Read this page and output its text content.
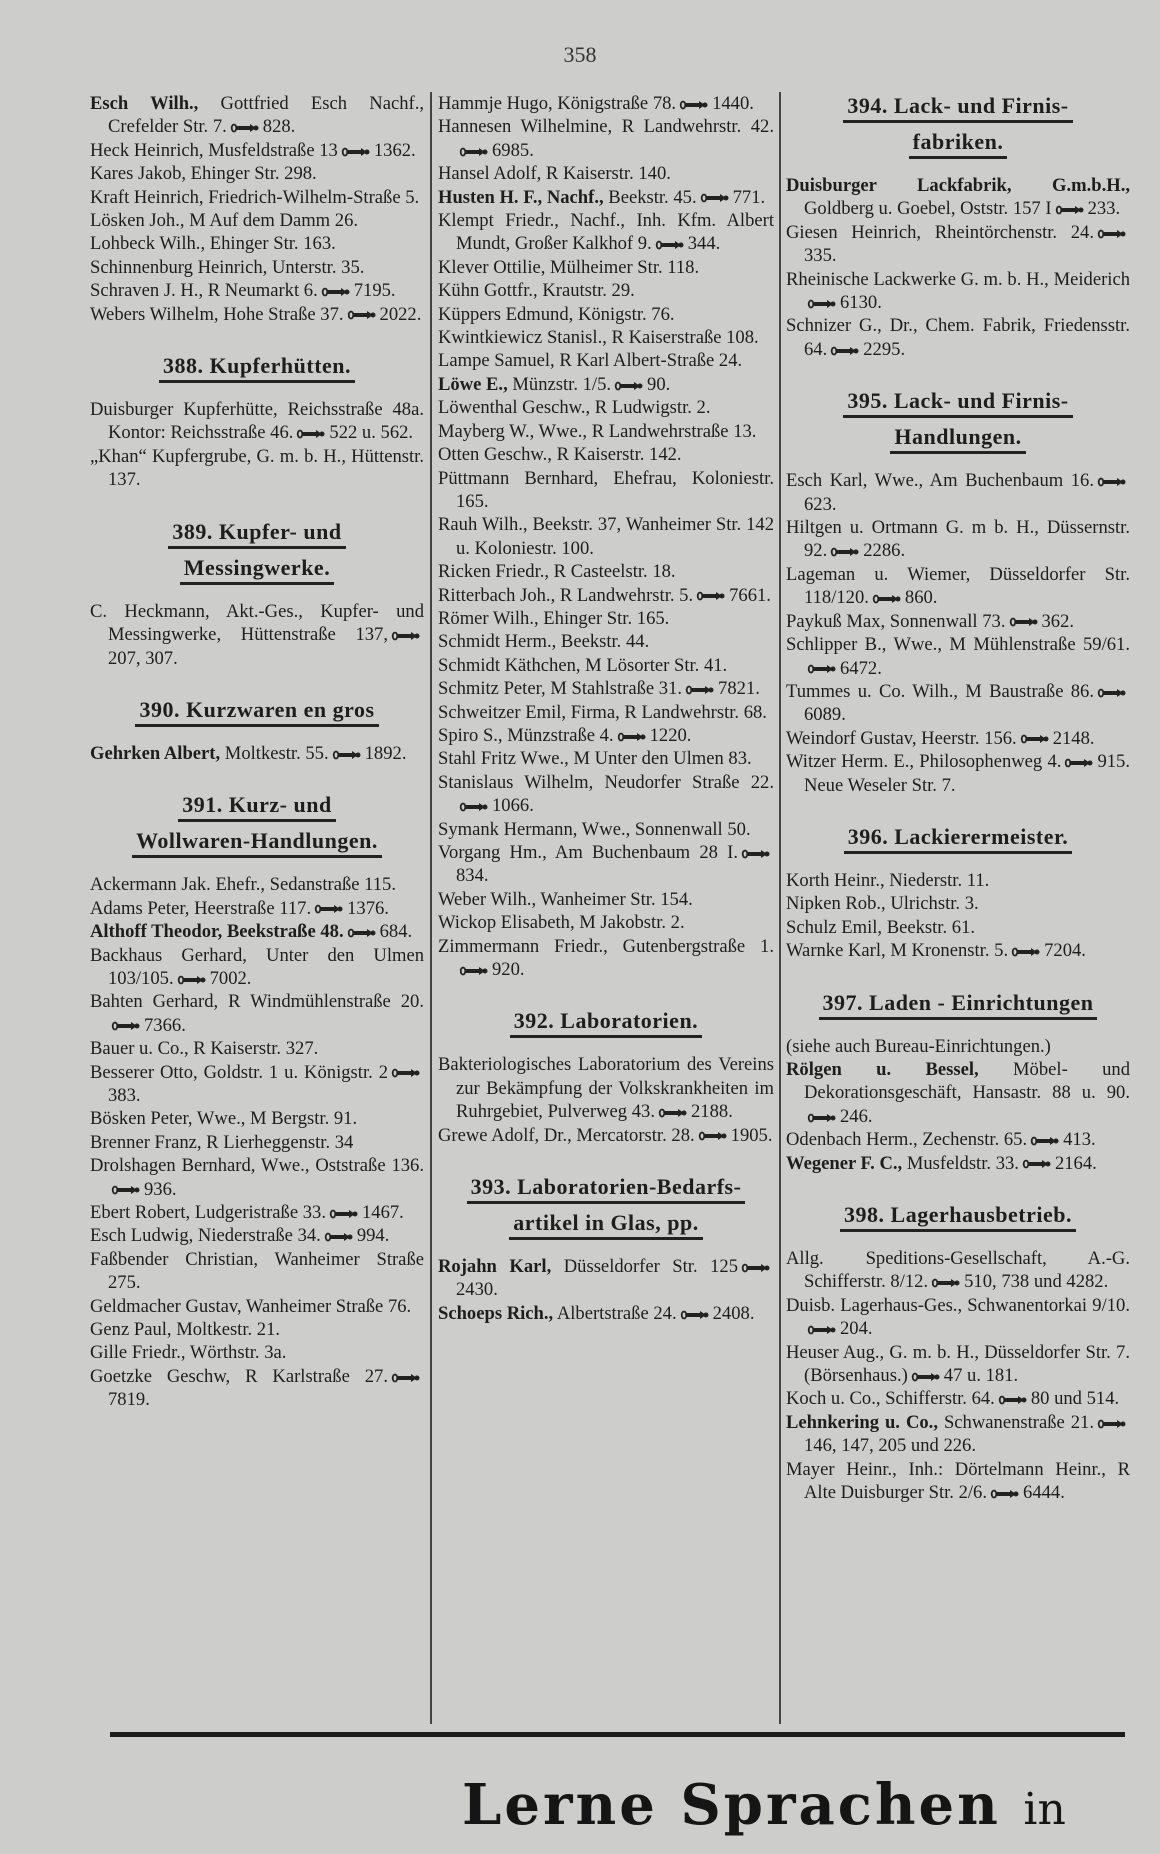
358
Esch Wilh., Gottfried Esch Nachf., Crefelder Str. 7. 828.
Heck Heinrich, Musfeldstraße 13 1362.
Kares Jakob, Ehinger Str. 298.
Kraft Heinrich, Friedrich-Wilhelm-Straße 5.
Lösken Joh., M Auf dem Damm 26.
Lohbeck Wilh., Ehinger Str. 163.
Schinnenburg Heinrich, Unterstr. 35.
Schraven J. H., R Neumarkt 6. 7195.
Webers Wilhelm, Hohe Straße 37. 2022.
388. Kupferhütten.
Duisburger Kupferhütte, Reichsstraße 48a. Kontor: Reichsstraße 46. 522 u. 562.
„Khan“ Kupfergrube, G. m. b. H., Hüttenstr. 137.
389. Kupfer- und
Messingwerke.
C. Heckmann, Akt.-Ges., Kupfer- und Messingwerke, Hüttenstraße 137,
207, 307.
390. Kurzwaren en gros
Gehrken Albert, Moltkestr. 55. 1892.
391. Kurz- und
Wollwaren-Handlungen.
Ackermann Jak. Ehefr., Sedanstraße 115.
Adams Peter, Heerstraße 117. 1376.
Althoff Theodor, Beekstraße 48. 684.
Backhaus Gerhard, Unter den Ulmen 103/105. 7002.
Bahten Gerhard, R Windmühlenstraße 20.
7366.
Bauer u. Co., R Kaiserstr. 327.
Besserer Otto, Goldstr. 1 u. Königstr. 2
383.
Bösken Peter, Wwe., M Bergstr. 91.
Brenner Franz, R Lierheggenstr. 34
Drolshagen Bernhard, Wwe., Oststraße 136.
936.
Ebert Robert, Ludgeristraße 33. 1467.
Esch Ludwig, Niederstraße 34. 994.
Faßbender Christian, Wanheimer Straße 275.
Geldmacher Gustav, Wanheimer Straße 76.
Genz Paul, Moltkestr. 21.
Gille Friedr., Wörthstr. 3a.
Goetzke Geschw, R Karlstraße 27.
7819.
Hammje Hugo, Königstraße 78. 1440.
Hannesen Wilhelmine, R Landwehrstr. 42.
6985.
Hansel Adolf, R Kaiserstr. 140.
Husten H. F., Nachf., Beekstr. 45. 771.
Klempt Friedr., Nachf., Inh. Kfm. Albert Mundt, Großer Kalkhof 9. 344.
Klever Ottilie, Mülheimer Str. 118.
Kühn Gottfr., Krautstr. 29.
Küppers Edmund, Königstr. 76.
Kwintkiewicz Stanisl., R Kaiserstraße 108.
Lampe Samuel, R Karl Albert-Straße 24.
Löwe E., Münzstr. 1/5. 90.
Löwenthal Geschw., R Ludwigstr. 2.
Mayberg W., Wwe., R Landwehrstraße 13.
Otten Geschw., R Kaiserstr. 142.
Püttmann Bernhard, Ehefrau, Koloniestr. 165.
Rauh Wilh., Beekstr. 37, Wanheimer Str. 142 u. Koloniestr. 100.
Ricken Friedr., R Casteelstr. 18.
Ritterbach Joh., R Landwehrstr. 5. 7661.
Römer Wilh., Ehinger Str. 165.
Schmidt Herm., Beekstr. 44.
Schmidt Käthchen, M Lösorter Str. 41.
Schmitz Peter, M Stahlstraße 31. 7821.
Schweitzer Emil, Firma, R Landwehrstr. 68.
Spiro S., Münzstraße 4. 1220.
Stahl Fritz Wwe., M Unter den Ulmen 83.
Stanislaus Wilhelm, Neudorfer Straße 22.
1066.
Symank Hermann, Wwe., Sonnenwall 50.
Vorgang Hm., Am Buchenbaum 28 I.
834.
Weber Wilh., Wanheimer Str. 154.
Wickop Elisabeth, M Jakobstr. 2.
Zimmermann Friedr., Gutenbergstraße 1.
920.
392. Laboratorien.
Bakteriologisches Laboratorium des Vereins zur Bekämpfung der Volkskrankheiten im Ruhrgebiet, Pulverweg 43. 2188.
Grewe Adolf, Dr., Mercatorstr. 28. 1905.
393. Laboratorien-Bedarfs-
artikel in Glas, pp.
Rojahn Karl, Düsseldorfer Str. 125
2430.
Schoeps Rich., Albertstraße 24. 2408.
394. Lack- und Firnis-
fabriken.
Duisburger Lackfabrik, G.m.b.H., Goldberg u. Goebel, Oststr. 157 I 233.
Giesen Heinrich, Rheintörchenstr. 24.
335.
Rheinische Lackwerke G. m. b. H., Meiderich
6130.
Schnizer G., Dr., Chem. Fabrik, Friedensstr. 64. 2295.
395. Lack- und Firnis-
Handlungen.
Esch Karl, Wwe., Am Buchenbaum 16.
623.
Hiltgen u. Ortmann G. m b. H., Düssernstr. 92. 2286.
Lageman u. Wiemer, Düsseldorfer Str. 118/120. 860.
Paykuß Max, Sonnenwall 73. 362.
Schlipper B., Wwe., M Mühlenstraße 59/61.
6472.
Tummes u. Co. Wilh., M Baustraße 86.
6089.
Weindorf Gustav, Heerstr. 156. 2148.
Witzer Herm. E., Philosophenweg 4. 915. Neue Weseler Str. 7.
396. Lackierermeister.
Korth Heinr., Niederstr. 11.
Nipken Rob., Ulrichstr. 3.
Schulz Emil, Beekstr. 61.
Warnke Karl, M Kronenstr. 5. 7204.
397. Laden - Einrichtungen
(siehe auch Bureau-Einrichtungen.)
Rölgen u. Bessel, Möbel- und Dekorationsgeschäft, Hansastr. 88 u. 90.
246.
Odenbach Herm., Zechenstr. 65. 413.
Wegener F. C., Musfeldstr. 33. 2164.
398. Lagerhausbetrieb.
Allg. Speditions-Gesellschaft, A.-G. Schifferstr. 8/12. 510, 738 und 4282.
Duisb. Lagerhaus-Ges., Schwanentorkai 9/10.
204.
Heuser Aug., G. m. b. H., Düsseldorfer Str. 7. (Börsenhaus.) 47 u. 181.
Koch u. Co., Schifferstr. 64. 80 und 514.
Lehnkering u. Co., Schwanenstraße 21.
146, 147, 205 und 226.
Mayer Heinr., Inh.: Dörtelmann Heinr., R Alte Duisburger Str. 2/6. 6444.
Lerne Sprachen in
